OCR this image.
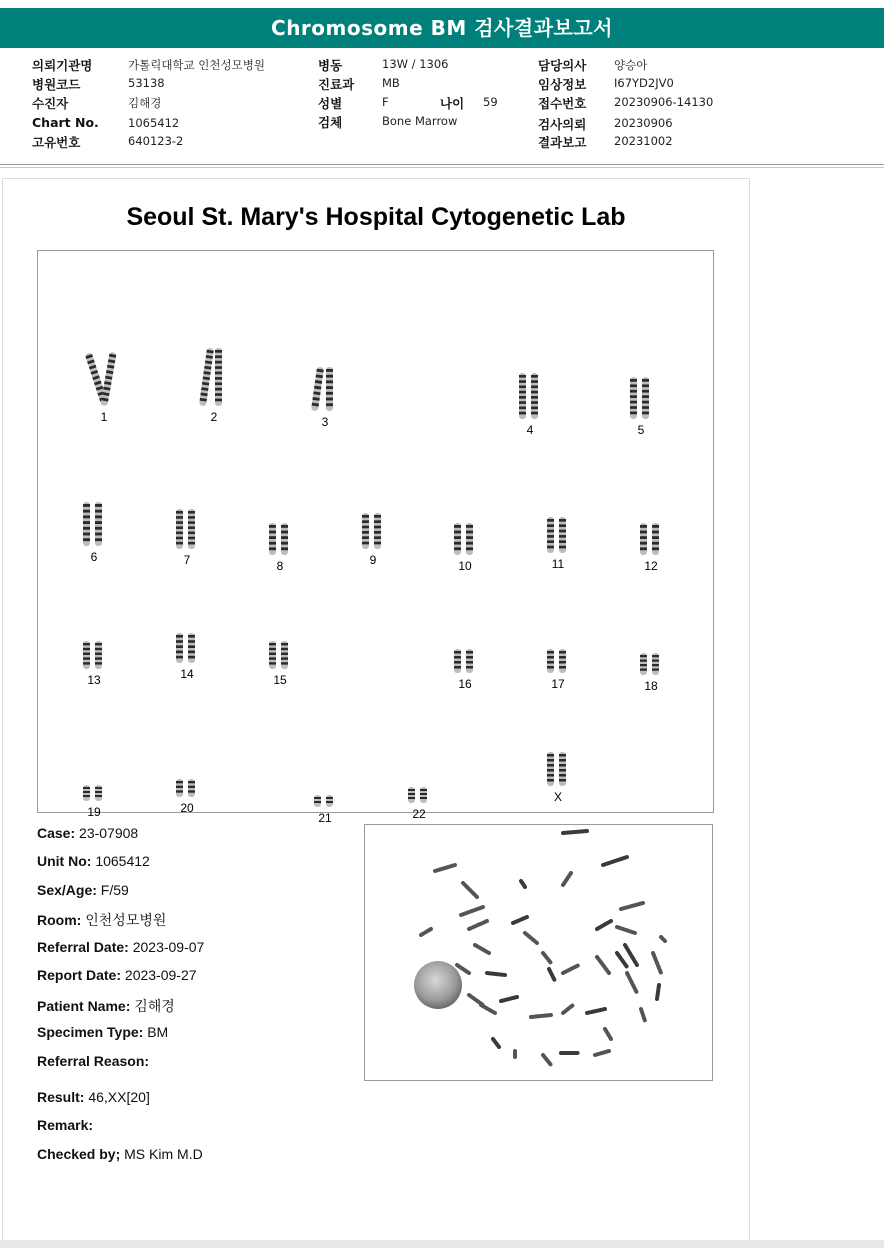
Chromosome BM 검사결과보고서
의뢰기관명	가톨릭대학교 인천성모병원
병원코드	53138
수진자	김해경
Chart No.	1065412
고유번호	640123-2
병동	13W / 1306
진료과 MB
성별	F	나이 59
검체	Bone Marrow
담당의사 양승아
임상정보 I67YD2JV0
접수번호 20230906-14130
검사의뢰 20230906
결과보고 20231002
Seoul St. Mary's Hospital Cytogenetic Lab
1	2	3
4	5
6	7	8	9	10	11	12
13	14	15	16	17	18
19	20
21	22
X
Case: 23-07908
Unit No: 1065412
Sex/Age: F/59
Room: 인천성모병원
Referral Date: 2023-09-07
Report Date: 2023-09-27
Patient Name: 김해경
Specimen Type: BM
Referral Reason:
Result: 46,XX[20]
Remark:
Checked by; MS Kim M.D
